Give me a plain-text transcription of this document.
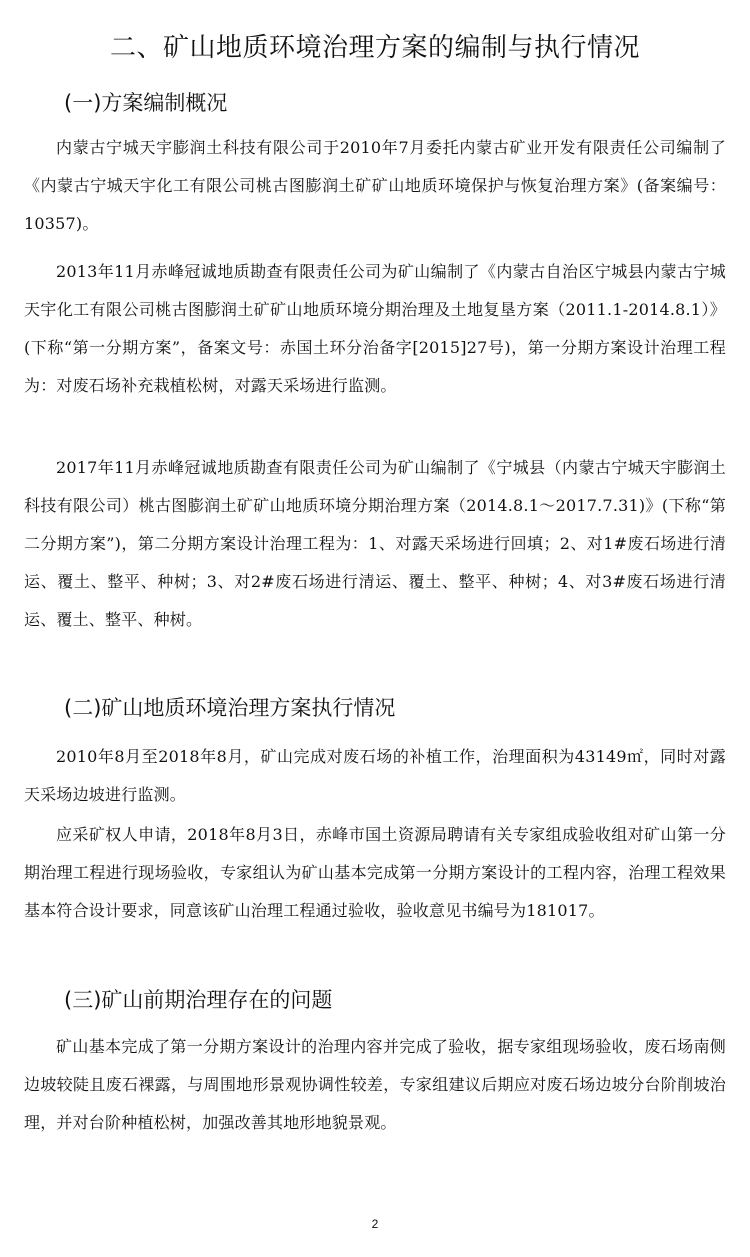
二、矿山地质环境治理方案的编制与执行情况
(一)方案编制概况
内蒙古宁城天宇膨润土科技有限公司于2010年7月委托内蒙古矿业开发有限责任公司编制了《内蒙古宁城天宇化工有限公司桃古图膨润土矿矿山地质环境保护与恢复治理方案》(备案编号：10357)。
2013年11月赤峰冠诚地质勘查有限责任公司为矿山编制了《内蒙古自治区宁城县内蒙古宁城天宇化工有限公司桃古图膨润土矿矿山地质环境分期治理及土地复垦方案（2011.1-2014.8.1）》(下称“第一分期方案”，备案文号：赤国土环分治备字[2015]27号)，第一分期方案设计治理工程为：对废石场补充栽植松树，对露天采场进行监测。
2017年11月赤峰冠诚地质勘查有限责任公司为矿山编制了《宁城县（内蒙古宁城天宇膨润土科技有限公司）桃古图膨润土矿矿山地质环境分期治理方案（2014.8.1～2017.7.31)》(下称“第二分期方案”)，第二分期方案设计治理工程为：1、对露天采场进行回填；2、对1#废石场进行清运、覆土、整平、种树；3、对2#废石场进行清运、覆土、整平、种树；4、对3#废石场进行清运、覆土、整平、种树。
(二)矿山地质环境治理方案执行情况
2010年8月至2018年8月，矿山完成对废石场的补植工作，治理面积为43149㎡，同时对露天采场边坡进行监测。
应采矿权人申请，2018年8月3日，赤峰市国土资源局聘请有关专家组成验收组对矿山第一分期治理工程进行现场验收，专家组认为矿山基本完成第一分期方案设计的工程内容，治理工程效果基本符合设计要求，同意该矿山治理工程通过验收，验收意见书编号为181017。
(三)矿山前期治理存在的问题
矿山基本完成了第一分期方案设计的治理内容并完成了验收，据专家组现场验收，废石场南侧边坡较陡且废石裸露，与周围地形景观协调性较差，专家组建议后期应对废石场边坡分台阶削坡治理，并对台阶种植松树，加强改善其地形地貌景观。
2
